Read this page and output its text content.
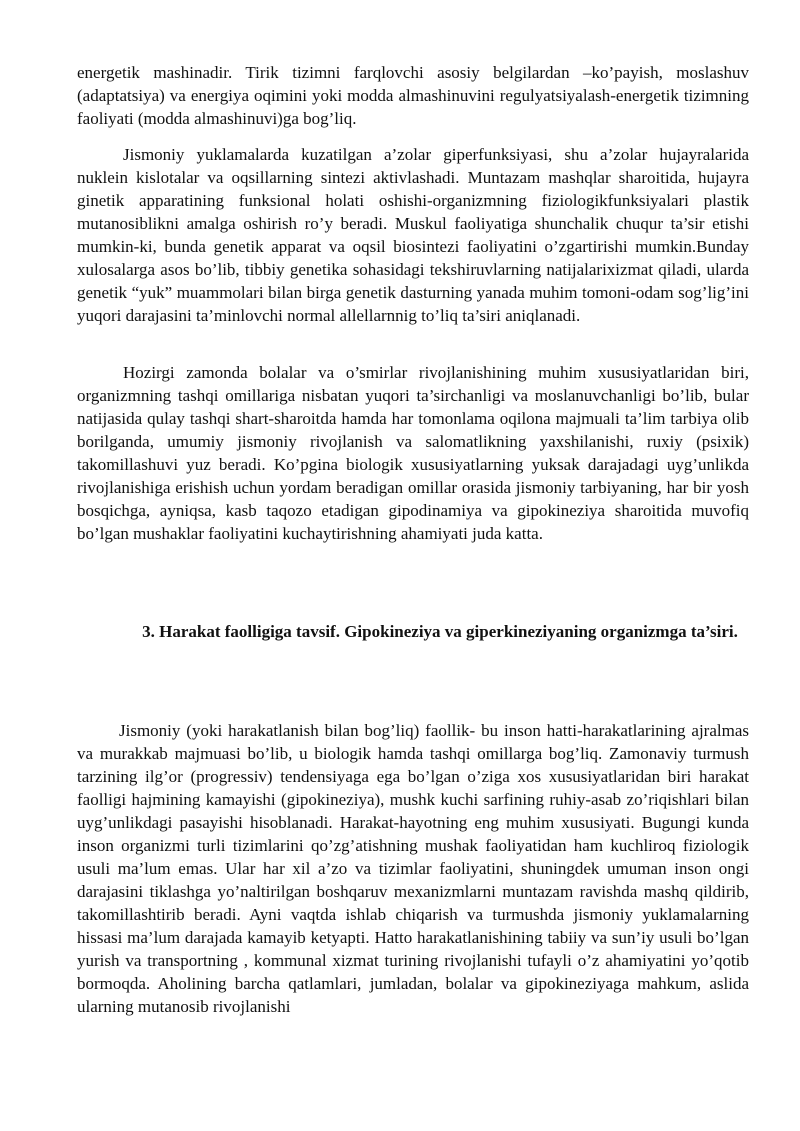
energetik mashinadir. Tirik tizimni farqlovchi asosiy belgilardan –ko’payish, moslashuv (adaptatsiya) va energiya oqimini yoki modda almashinuvini regulyatsiyalash-energetik tizimning faoliyati (modda almashinuvi)ga bog’liq.

Jismoniy yuklamalarda kuzatilgan a’zolar giperfunksiyasi, shu a’zolar hujayralarida nuklein kislotalar va oqsillarning sintezi aktivlashadi. Muntazam mashqlar sharoitida, hujayra ginetik apparatining funksional holati oshishi-organizmning fiziologikfunksiyalari plastik mutanosiblikni amalga oshirish ro’y beradi. Muskul faoliyatiga shunchalik chuqur ta’sir etishi mumkin-ki, bunda genetik apparat va oqsil biosintezi faoliyatini o’zgartirishi mumkin.Bunday xulosalarga asos bo’lib, tibbiy genetika sohasidagi tekshiruvlarning natijalarixizmat qiladi, ularda genetik “yuk” muammolari bilan birga genetik dasturning yanada muhim tomoni-odam sog’lig’ini yuqori darajasini ta’minlovchi normal allellarnnig to’liq ta’siri aniqlanadi.

Hozirgi zamonda bolalar va o’smirlar rivojlanishining muhim xususiyatlaridan biri, organizmning tashqi omillariga nisbatan yuqori ta’sirchanligi va moslanuvchanligi bo’lib, bular natijasida qulay tashqi shart-sharoitda hamda har tomonlama oqilona majmuali ta’lim tarbiya olib borilganda, umumiy jismoniy rivojlanish va salomatlikning yaxshilanishi, ruxiy (psixik) takomillashuvi yuz beradi. Ko’pgina biologik xususiyatlarning yuksak darajadagi uyg’unlikda rivojlanishiga erishish uchun yordam beradigan omillar orasida jismoniy tarbiyaning, har bir yosh bosqichga, ayniqsa, kasb taqozo etadigan gipodinamiya va gipokineziya sharoitida muvofiq bo’lgan mushaklar faoliyatini kuchaytirishning ahamiyati juda katta.

3. Harakat faolligiga tavsif. Gipokineziya va giperkineziyaning organizmga ta’siri.

Jismoniy (yoki harakatlanish bilan bog’liq) faollik- bu inson hatti-harakatlarining ajralmas va murakkab majmuasi bo’lib, u biologik hamda tashqi omillarga bog’liq. Zamonaviy turmush tarzining ilg’or (progressiv) tendensiyaga ega bo’lgan o’ziga xos xususiyatlaridan biri harakat faolligi hajmining kamayishi (gipokineziya), mushk kuchi sarfining ruhiy-asab zo’riqishlari bilan uyg’unlikdagi pasayishi hisoblanadi. Harakat-hayotning eng muhim xususiyati. Bugungi kunda inson organizmi turli tizimlarini qo’zg’atishning mushak faoliyatidan ham kuchliroq fiziologik usuli ma’lum emas. Ular har xil a’zo va tizimlar faoliyatini, shuningdek umuman inson ongi darajasini tiklashga yo’naltirilgan boshqaruv mexanizmlarni muntazam ravishda mashq qildirib, takomillashtirib beradi. Ayni vaqtda ishlab chiqarish va turmushda jismoniy yuklamalarning hissasi ma’lum darajada kamayib ketyapti. Hatto harakatlanishining tabiiy va sun’iy usuli bo’lgan yurish va transportning , kommunal xizmat turining rivojlanishi tufayli o’z ahamiyatini yo’qotib bormoqda. Aholining barcha qatlamlari, jumladan, bolalar va gipokineziyaga mahkum, aslida ularning mutanosib rivojlanishi
